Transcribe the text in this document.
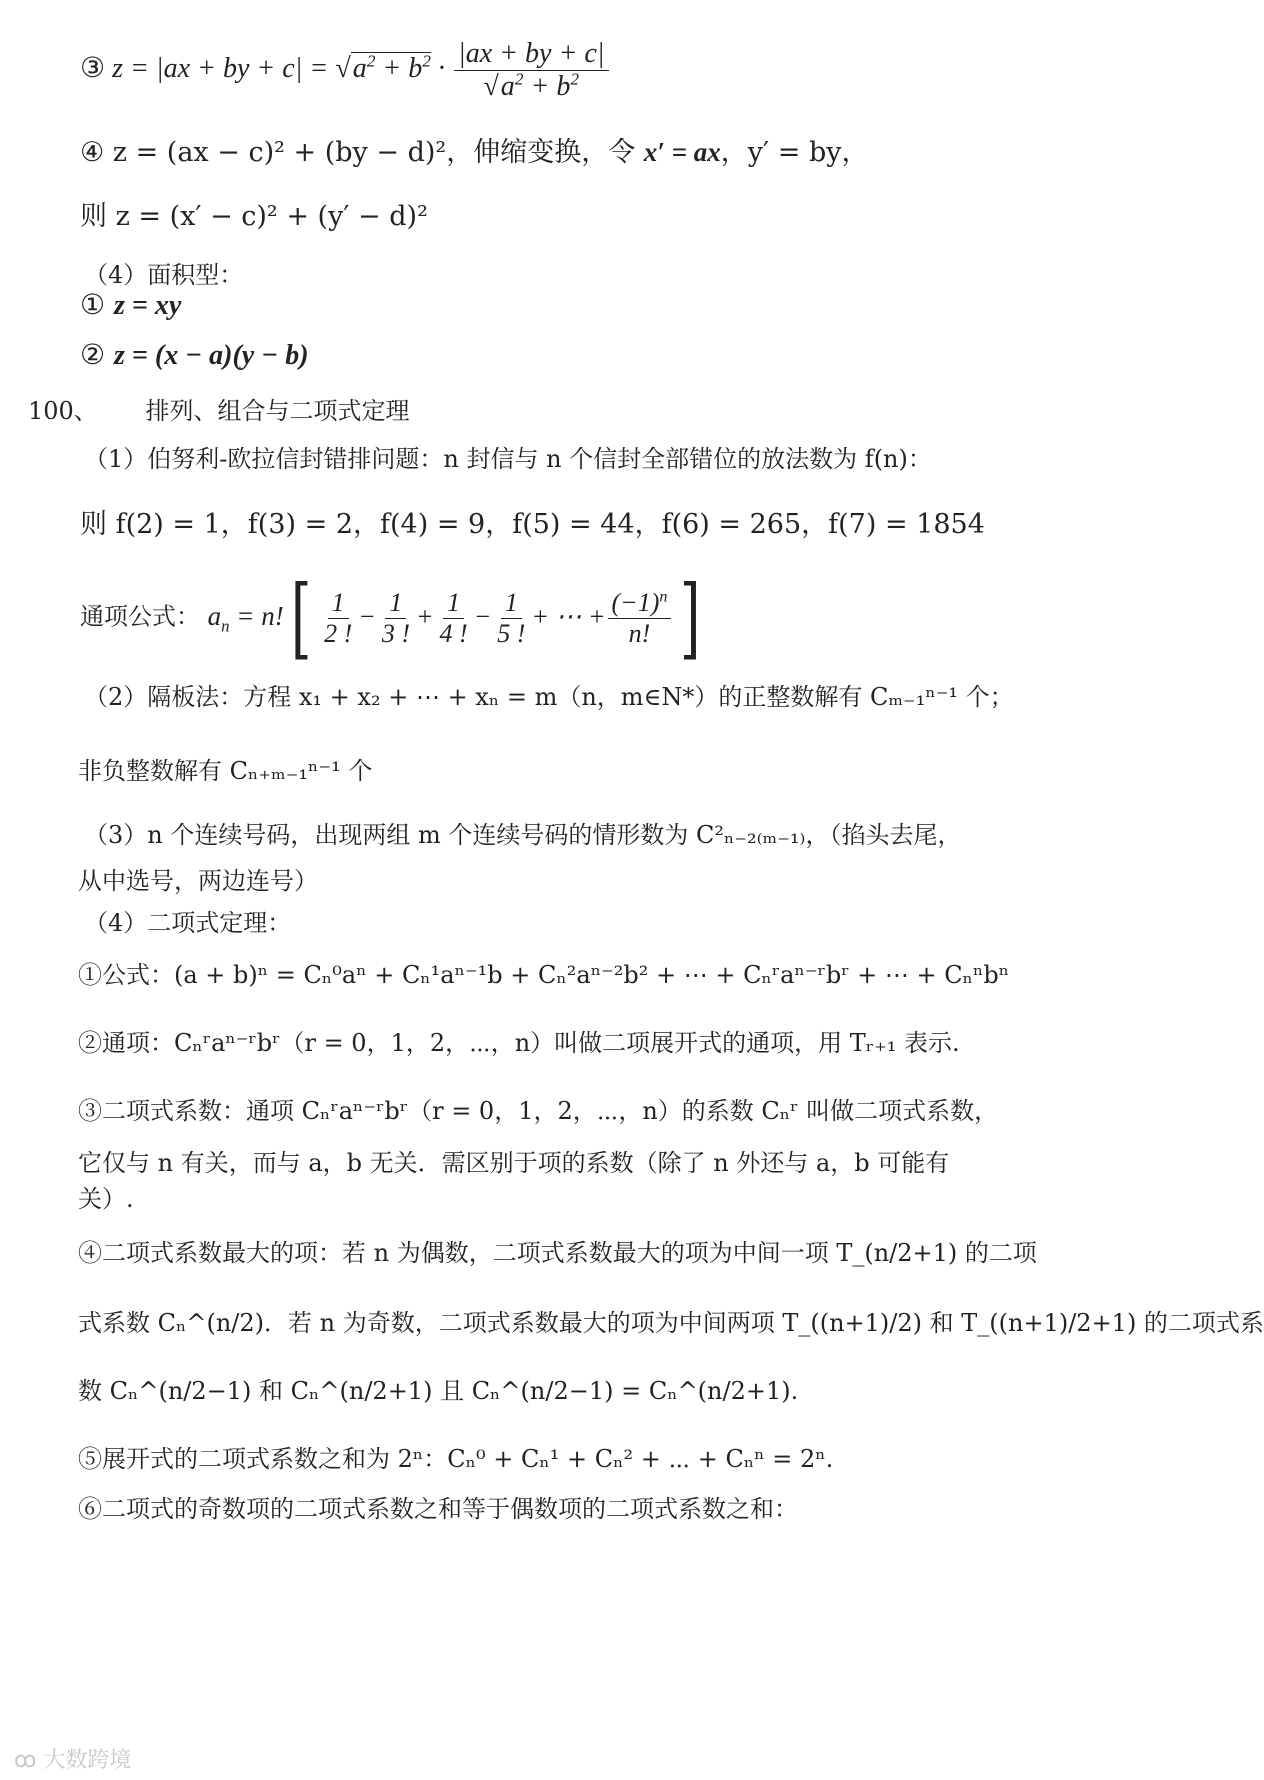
③ z = |ax + by + $c| = √a^2 + b^2 \cdot \frac{|ax + by + c|}{√a^2 + b^2}$
④ z = (ax − c)² + (by − d)²，伸缩变换，令 x′ = ax，y′ = by，
则 z = (x′ − c)² + (y′ − d)²
（4）面积型：
① z = xy
② z = (x − a)(y − b)
100、 排列、组合与二项式定理
（1）伯努利-欧拉信封错排问题：n 封信与 n 个信封全部错位的放法数为 f(n)：
则 f(2) = 1，f(3) = 2，f(4) = 9，f(5) = 44，f(6) = 265，f(7) = 1854
通项公式： $a_n = n![ \frac{1}{2 !} - \frac{1}{3 !} + \frac{1}{4 !} - \frac{1}{5 !}$ + ⋯ + $\frac{(-1)^n}{n!}$ ]
（2）隔板法：方程 x₁ + x₂ + ⋯ + xₙ = m（n，m∈N*）的正整数解有 Cₘ₋₁ⁿ⁻¹ 个；
非负整数解有 Cₙ₊ₘ₋₁ⁿ⁻¹ 个
（3）n 个连续号码，出现两组 m 个连续号码的情形数为 C²ₙ₋₂₍ₘ₋₁₎，（掐头去尾，
从中选号，两边连号）
（4）二项式定理：
①公式：(a + b)ⁿ = Cₙ⁰aⁿ + Cₙ¹aⁿ⁻¹b + Cₙ²aⁿ⁻²b² + ⋯ + Cₙʳaⁿ⁻ʳbʳ + ⋯ + Cₙⁿbⁿ
②通项：Cₙʳaⁿ⁻ʳbʳ（r = 0，1，2，⋯，n）叫做二项展开式的通项，用 Tᵣ₊₁ 表示.
③二项式系数：通项 Cₙʳaⁿ⁻ʳbʳ（r = 0，1，2，⋯，n）的系数 Cₙʳ 叫做二项式系数，
它仅与 n 有关，而与 a，b 无关．需区别于项的系数（除了 n 外还与 a，b 可能有
关）.
④二项式系数最大的项：若 n 为偶数，二项式系数最大的项为中间一项 T_(n/2+1) 的二项
式系数 Cₙ^(n/2)．若 n 为奇数，二项式系数最大的项为中间两项 T_((n+1)/2) 和 T_((n+1)/2+1) 的二项式系
数 Cₙ^(n/2−1) 和 Cₙ^(n/2+1) 且 Cₙ^(n/2−1) = Cₙ^(n/2+1).
⑤展开式的二项式系数之和为 2ⁿ：Cₙ⁰ + Cₙ¹ + Cₙ² + ⋯ + Cₙⁿ = 2ⁿ.
⑥二项式的奇数项的二项式系数之和等于偶数项的二项式系数之和：
ꝏ 大数跨境
